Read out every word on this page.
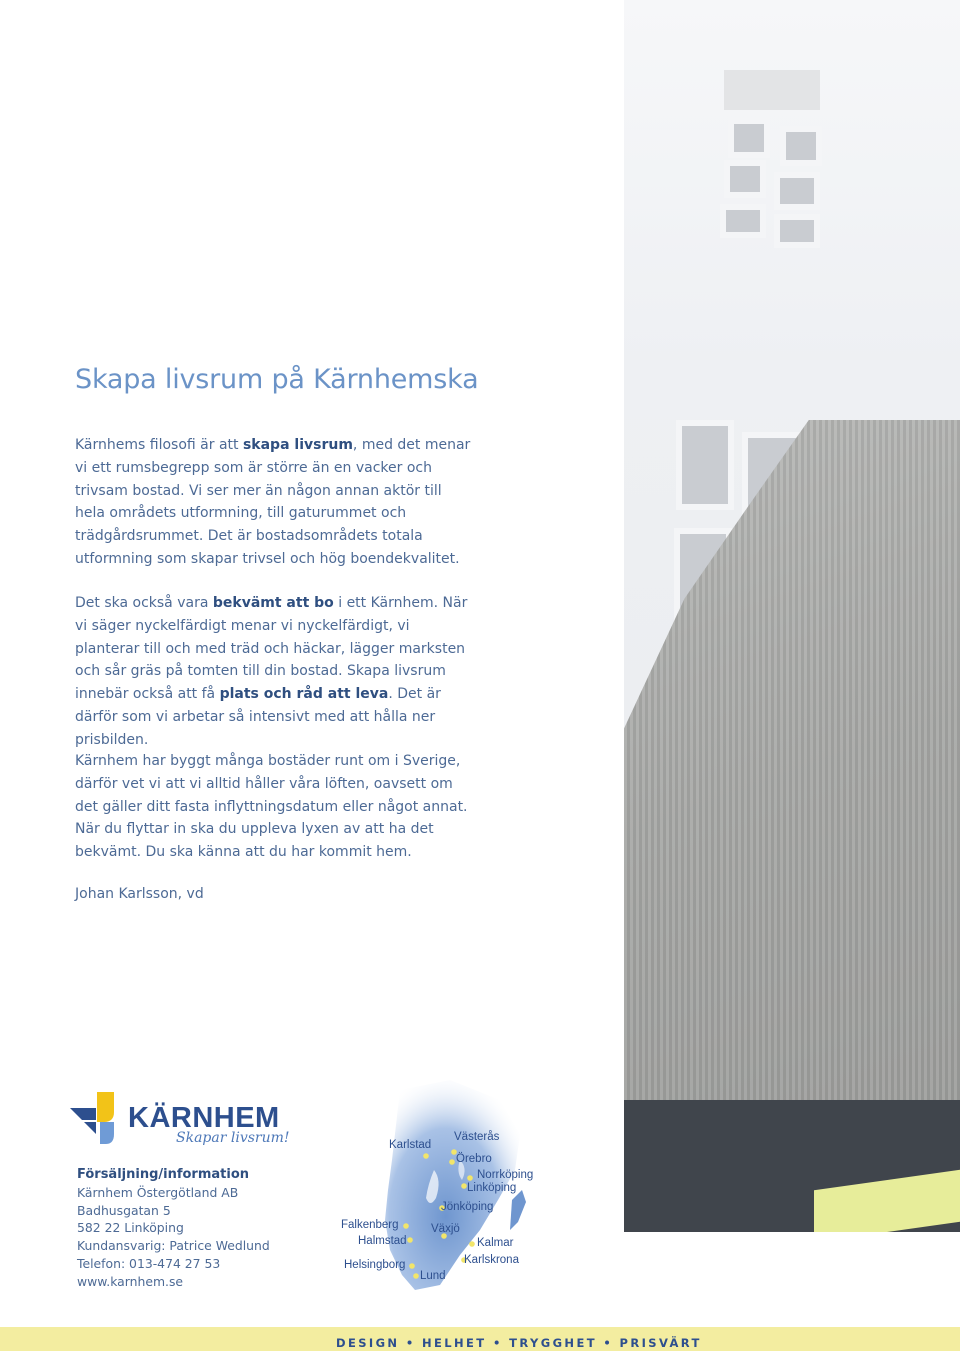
Skapa livsrum på Kärnhemska

Kärnhems filosofi är att skapa livsrum, med det menar vi ett rumsbegrepp som är större än en vacker och trivsam bostad. Vi ser mer än någon annan aktör till hela områdets utformning, till gaturummet och trädgårdsrummet. Det är bostadsområdets totala utformning som skapar trivsel och hög boendekvalitet.

Det ska också vara bekvämt att bo i ett Kärnhem. När vi säger nyckelfärdigt menar vi nyckelfärdigt, vi planterar till och med träd och häckar, lägger marksten och sår gräs på tomten till din bostad. Skapa livsrum innebär också att få plats och råd att leva. Det är därför som vi arbetar så intensivt med att hålla ner prisbilden.

Kärnhem har byggt många bostäder runt om i Sverige, därför vet vi att vi alltid håller våra löften, oavsett om det gäller ditt fasta inflyttningsdatum eller något annat. När du flyttar in ska du uppleva lyxen av att ha det bekvämt. Du ska känna att du har kommit hem.

Johan Karlsson, vd

KÄRNHEM
Skapar livsrum!
Försäljning/information
Kärnhem Östergötland AB
Badhusgatan 5
582 22 Linköping
Kundansvarig: Patrice Wedlund
Telefon: 013-474 27 53
www.karnhem.se
Karlstad
Västerås
Örebro
Norrköping
Linköping
Jönköping
Falkenberg	Växjö
Halmstad	Kalmar
Karlskrona
Helsingborg
Lund
DESIGN • HELHET • TRYGGHET • PRISVÄRT
